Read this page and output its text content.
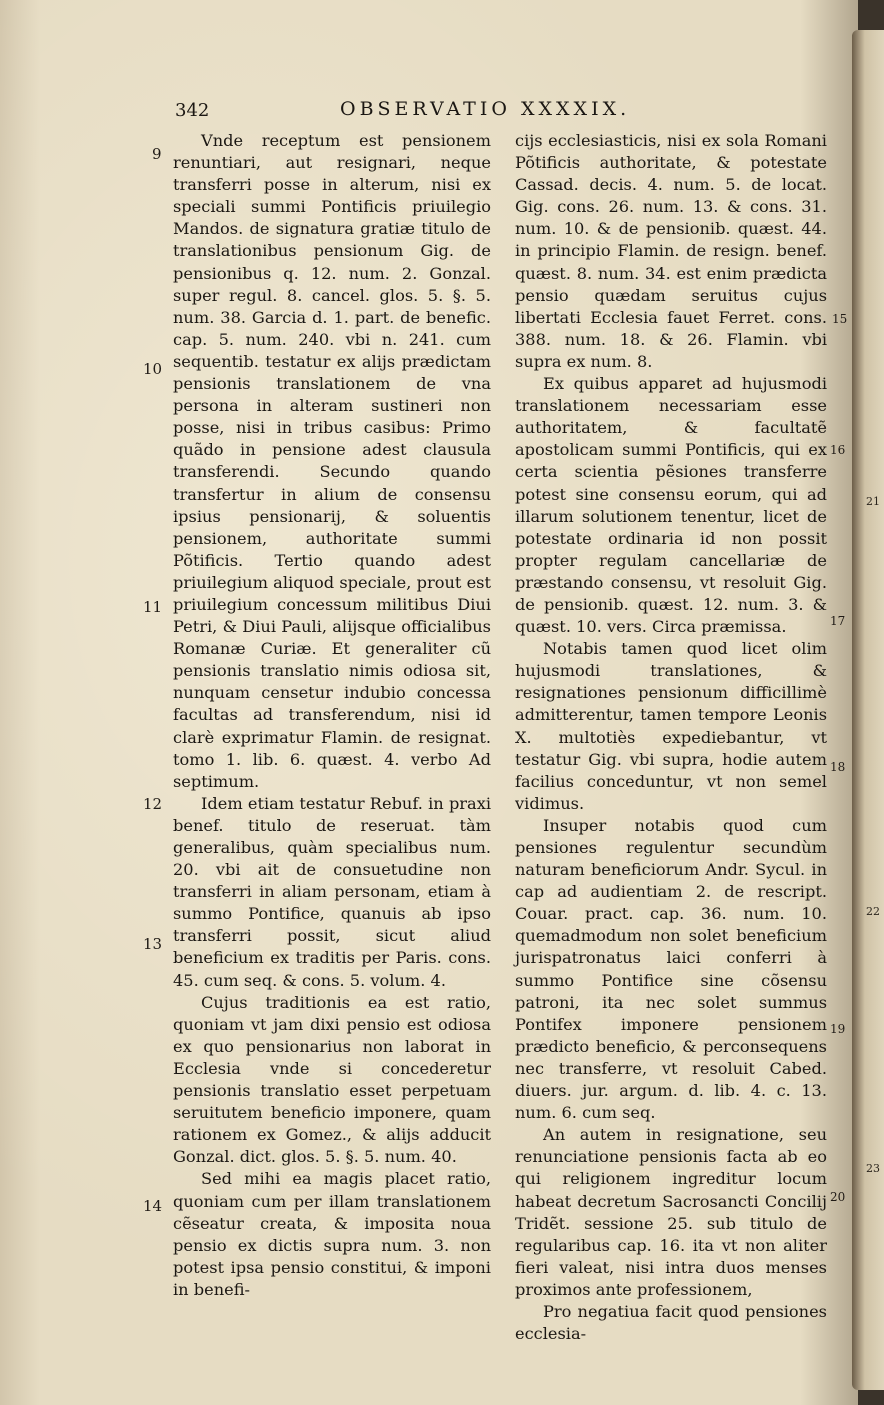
342	OBSERVATIO XXXXIX.

Vnde receptum est pensionem renuntiari, aut resignari, neque transferri posse in alterum, nisi ex speciali summi Pontificis priuilegio Mandos. de signatura gratiæ titulo de translationibus pensionum Gig. de pensionibus q. 12. num. 2. Gonzal. super regul. 8. cancel. glos. 5. §. 5. num. 38. Garcia d. 1. part. de benefic. cap. 5. num. 240. vbi n. 241. cum sequentib. testatur ex alijs prædictam pensionis translationem de vna persona in alteram sustineri non posse, nisi in tribus casibus: Primo quãdo in pensione adest clausula transferendi. Secundo quando transfertur in alium de consensu ipsius pensionarij, & soluentis pensionem, authoritate summi Põtificis. Tertio quando adest priuilegium aliquod speciale, prout est priuilegium concessum militibus Diui Petri, & Diui Pauli, alijsque officialibus Romanæ Curiæ. Et generaliter cũ pensionis translatio nimis odiosa sit, nunquam censetur indubio concessa facultas ad transferendum, nisi id clarè exprimatur Flamin. de resignat. tomo 1. lib. 6. quæst. 4. verbo Ad septimum.

Idem etiam testatur Rebuf. in praxi benef. titulo de reseruat. tàm generalibus, quàm specialibus num. 20. vbi ait de consuetudine non transferri in aliam personam, etiam à summo Pontifice, quanuis ab ipso transferri possit, sicut aliud beneficium ex traditis per Paris. cons. 45. cum seq. & cons. 5. volum. 4.

Cujus traditionis ea est ratio, quoniam vt jam dixi pensio est odiosa ex quo pensionarius non laborat in Ecclesia vnde si concederetur pensionis translatio esset perpetuam seruitutem beneficio imponere, quam rationem ex Gomez., & alijs adducit Gonzal. dict. glos. 5. §. 5. num. 40.

Sed mihi ea magis placet ratio, quoniam cum per illam translationem cẽseatur creata, & imposita noua pensio ex dictis supra num. 3. non potest ipsa pensio constitui, & imponi in benefi-

cijs ecclesiasticis, nisi ex sola Romani Põtificis authoritate, & potestate Cassad. decis. 4. num. 5. de locat. Gig. cons. 26. num. 13. & cons. 31. num. 10. & de pensionib. quæst. 44. in principio Flamin. de resign. benef. quæst. 8. num. 34. est enim prædicta pensio quædam seruitus cujus libertati Ecclesia fauet Ferret. cons. 388. num. 18. & 26. Flamin. vbi supra ex num. 8.

Ex quibus apparet ad hujusmodi translationem necessariam esse authoritatem, & facultatẽ apostolicam summi Pontificis, qui ex certa scientia pẽsiones transferre potest sine consensu eorum, qui ad illarum solutionem tenentur, licet de potestate ordinaria id non possit propter regulam cancellariæ de præstando consensu, vt resoluit Gig. de pensionib. quæst. 12. num. 3. & quæst. 10. vers. Circa præmissa.

Notabis tamen quod licet olim hujusmodi translationes, & resignationes pensionum difficillimè admitterentur, tamen tempore Leonis X. multotiès expediebantur, vt testatur Gig. vbi supra, hodie autem facilius conceduntur, vt non semel vidimus.

Insuper notabis quod cum pensiones regulentur secundùm naturam beneficiorum Andr. Sycul. in cap ad audientiam 2. de rescript. Couar. pract. cap. 36. num. 10. quemadmodum non solet beneficium jurispatronatus laici conferri à summo Pontifice sine cõsensu patroni, ita nec solet summus Pontifex imponere pensionem prædicto beneficio, & perconsequens nec transferre, vt resoluit Cabed. diuers. jur. argum. d. lib. 4. c. 13. num. 6. cum seq.

An autem in resignatione, seu renunciatione pensionis facta ab eo qui religionem ingreditur locum habeat decretum Sacrosancti Concilij Tridẽt. sessione 25. sub titulo de regularibus cap. 16. ita vt non aliter fieri valeat, nisi intra duos menses proximos ante professionem,

Pro negatiua facit quod pensiones ecclesia-

9
10
11
12
13
14
15
16
17
18
19
20
21
22
23
